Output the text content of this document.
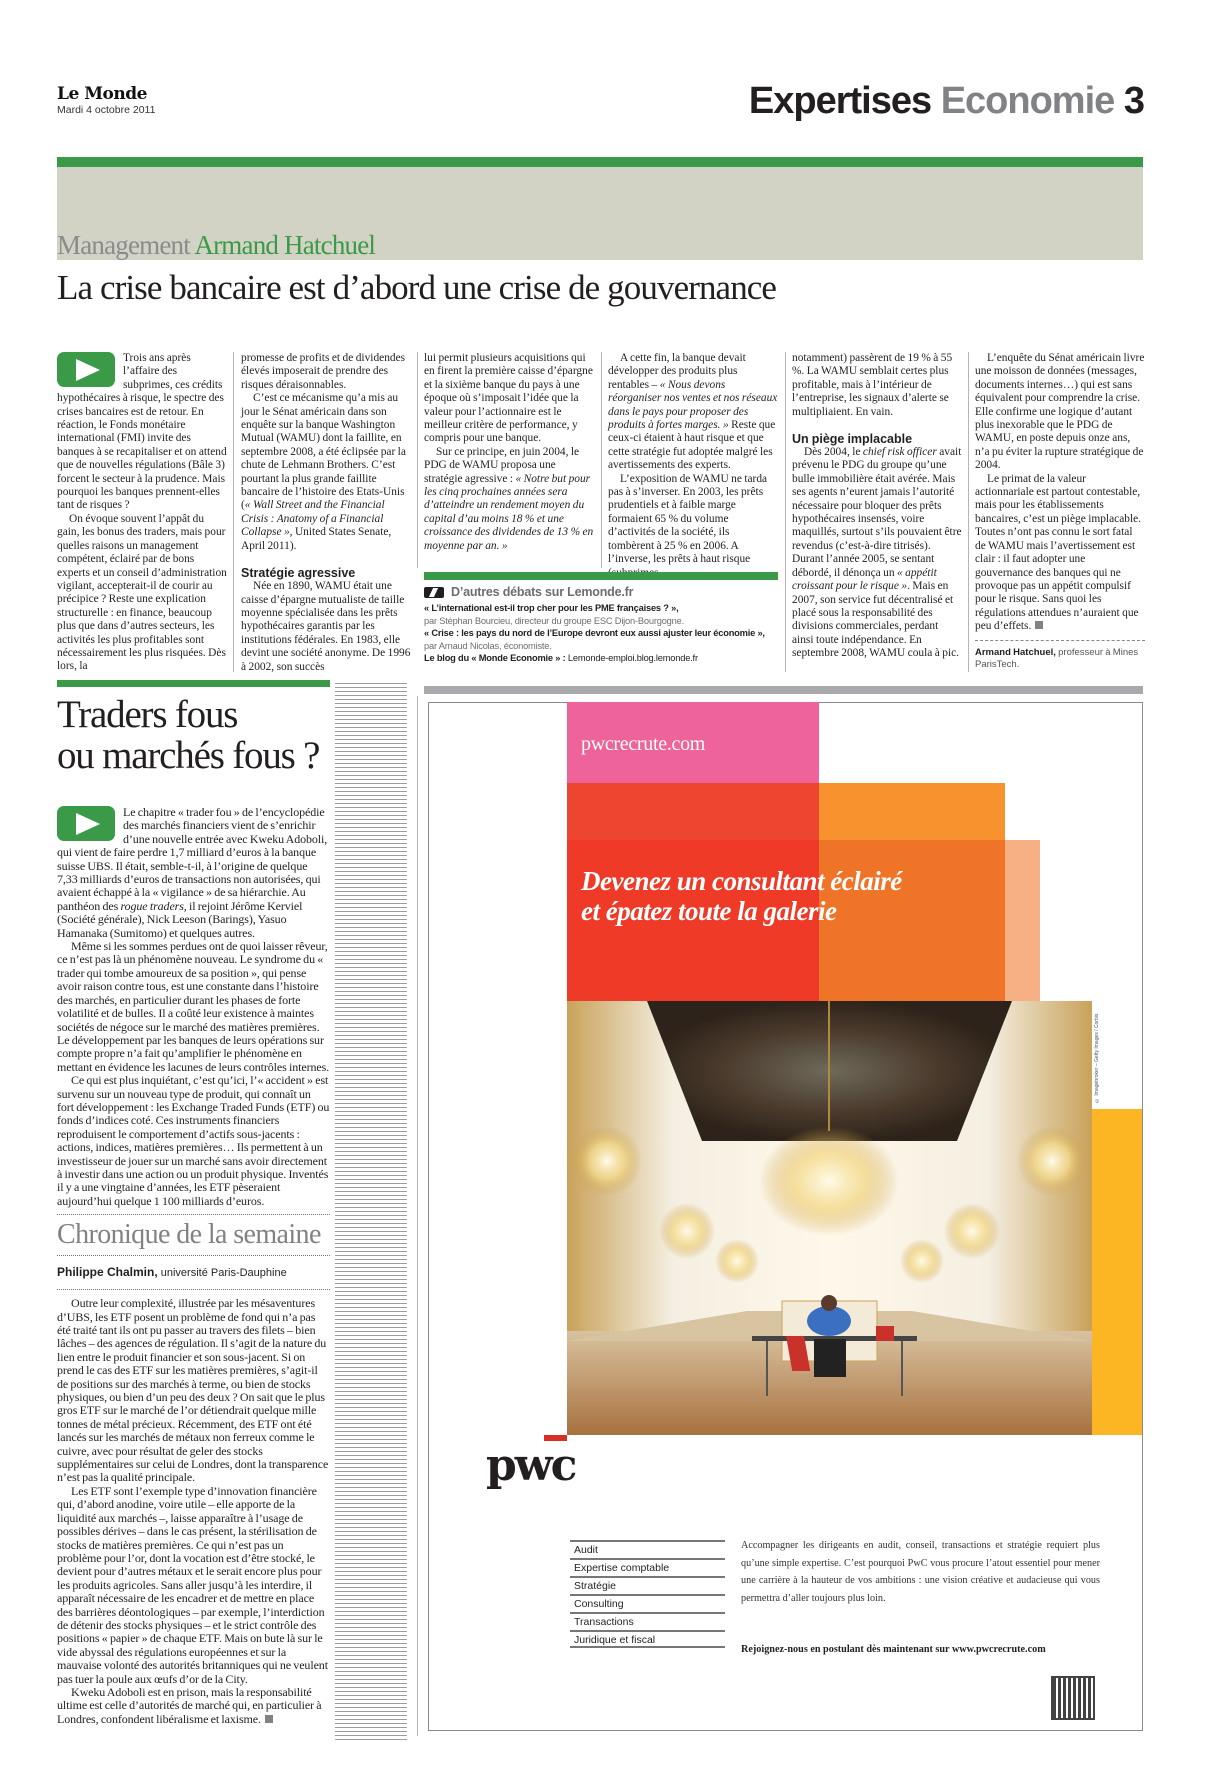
Le Monde
Mardi 4 octobre 2011	Expertises Economie 3
Management Armand Hatchuel
La crise bancaire est d’abord une crise de gouvernance

Trois ans après l’affaire des subprimes, ces crédits hypothécaires à risque, le spectre des crises bancaires est de retour. En réaction, le Fonds monétaire international (FMI) invite des banques à se recapitaliser et on attend que de nouvelles régulations (Bâle 3) forcent le secteur à la prudence. Mais pourquoi les banques prennent-elles tant de risques ?

On évoque souvent l’appât du gain, les bonus des traders, mais pour quelles raisons un management compétent, éclairé par de bons experts et un conseil d’administration vigilant, accepterait-il de courir au précipice ? Reste une explication structurelle : en finance, beaucoup plus que dans d’autres secteurs, les activités les plus profitables sont nécessairement les plus risquées. Dès lors, la

promesse de profits et de dividendes élevés imposerait de prendre des risques déraisonnables.

C’est ce mécanisme qu’a mis au jour le Sénat américain dans son enquête sur la banque Washington Mutual (WAMU) dont la faillite, en septembre 2008, a été éclipsée par la chute de Lehmann Brothers. C’est pourtant la plus grande faillite bancaire de l’histoire des Etats-Unis (« Wall Street and the Financial Crisis : Anatomy of a Financial Collapse », United States Senate, April 2011).

Stratégie agressive

Née en 1890, WAMU était une caisse d’épargne mutualiste de taille moyenne spécialisée dans les prêts hypothécaires garantis par les institutions fédérales. En 1983, elle devint une société anonyme. De 1996 à 2002, son succès

lui permit plusieurs acquisitions qui en firent la première caisse d’épargne et la sixième banque du pays à une époque où s’imposait l’idée que la valeur pour l’actionnaire est le meilleur critère de performance, y compris pour une banque.

Sur ce principe, en juin 2004, le PDG de WAMU proposa une stratégie agressive : « Notre but pour les cinq prochaines années sera d’atteindre un rendement moyen du capital d’au moins 18 % et une croissance des dividendes de 13 % en moyenne par an. »

A cette fin, la banque devait développer des produits plus rentables – « Nous devons réorganiser nos ventes et nos réseaux dans le pays pour proposer des produits à fortes marges. » Reste que ceux-ci étaient à haut risque et que cette stratégie fut adoptée malgré les avertissements des experts.

L’exposition de WAMU ne tarda pas à s’inverser. En 2003, les prêts prudentiels et à faible marge formaient 65 % du volume d’activités de la société, ils tombèrent à 25 % en 2006. A l’inverse, les prêts à haut risque

notamment) passèrent de 19 % à 55 %. La WAMU semblait certes plus profitable, mais à l’intérieur de l’entreprise, les signaux d’alerte se multipliaient. En vain.

Un piège implacable

Dès 2004, le chief risk officer avait prévenu le PDG du groupe qu’une bulle immobilière était avérée. Mais ses agents n’eurent jamais l’autorité nécessaire pour bloquer des prêts hypothécaires insensés, voire maquillés, surtout s’ils pouvaient être revendus (c’est-à-dire titrisés). Durant l’année 2005, se sentant débordé, il dénonça un « appétit croissant pour le risque ». Mais en 2007, son service fut décentralisé et placé sous la responsabilité des divisions commerciales, perdant ainsi toute indépendance. En septembre 2008, WAMU coula à pic.

L’enquête du Sénat américain livre une moisson de données (messages, documents internes…) qui est sans équivalent pour comprendre la crise. Elle confirme une logique d’autant plus inexorable que le PDG de WAMU, en poste depuis onze ans, n’a pu éviter la rupture stratégique de 2004.

Le primat de la valeur actionnariale est partout contestable, mais pour les établissements bancaires, c’est un piège implacable. Toutes n’ont pas connu le sort fatal de WAMU mais l’avertissement est clair : il faut adopter une gouvernance des banques qui ne provoque pas un appétit compulsif pour le risque. Sans quoi les régulations attendues n’auraient que peu d’effets.

Armand Hatchuel, professeur à Mines ParisTech.
D’autres débats sur Lemonde.fr
« L’international est-il trop cher pour les PME françaises ? »,
par Stéphan Bourcieu, directeur du groupe ESC Dijon-Bourgogne.
« Crise : les pays du nord de l’Europe devront eux aussi ajuster leur économie »,
par Arnaud Nicolas, économiste.
Le blog du « Monde Economie » : Lemonde-emploi.blog.lemonde.fr
Traders fous
ou marchés fous ?

Le chapitre « trader fou » de l’encyclopédie des marchés financiers vient de s’enrichir d’une nouvelle entrée avec Kweku Adoboli, qui vient de faire perdre 1,7 milliard d’euros à la banque suisse UBS. Il était, semble-t-il, à l’origine de quelque 7,33 milliards d’euros de transactions non autorisées, qui avaient échappé à la « vigilance » de sa hiérarchie. Au panthéon des rogue traders, il rejoint Jérôme Kerviel (Société générale), Nick Leeson (Barings), Yasuo Hamanaka (Sumitomo) et quelques autres.

Même si les sommes perdues ont de quoi laisser rêveur, ce n’est pas là un phénomène nouveau. Le syndrome du « trader qui tombe amoureux de sa position », qui pense avoir raison contre tous, est une constante dans l’histoire des marchés, en particulier durant les phases de forte volatilité et de bulles. Il a coûté leur existence à maintes sociétés de négoce sur le marché des matières premières. Le développement par les banques de leurs opérations sur compte propre n’a fait qu’amplifier le phénomène en mettant en évidence les lacunes de leurs contrôles internes.

Ce qui est plus inquiétant, c’est qu’ici, l’« accident » est survenu sur un nouveau type de produit, qui connaît un fort développement : les Exchange Traded Funds (ETF) ou fonds d’indices coté. Ces instruments financiers reproduisent le comportement d’actifs sous-jacents : actions, indices, matières premières… Ils permettent à un investisseur de jouer sur un marché sans avoir directement à investir dans une action ou un produit physique. Inventés il y a une vingtaine d’années, les ETF pèseraient aujourd’hui quelque 1 100 milliards d’euros.

Chronique de la semaine
Philippe Chalmin, université Paris-Dauphine

Outre leur complexité, illustrée par les mésaventures d’UBS, les ETF posent un problème de fond qui n’a pas été traité tant ils ont pu passer au travers des filets – bien lâches – des agences de régulation. Il s’agit de la nature du lien entre le produit financier et son sous-jacent. Si on prend le cas des ETF sur les matières premières, s’agit-il de positions sur des marchés à terme, ou bien de stocks physiques, ou bien d’un peu des deux ? On sait que le plus gros ETF sur le marché de l’or détiendrait quelque mille tonnes de métal précieux. Récemment, des ETF ont été lancés sur les marchés de métaux non ferreux comme le cuivre, avec pour résultat de geler des stocks supplémentaires sur celui de Londres, dont la transparence n’est pas la qualité principale.

Les ETF sont l’exemple type d’innovation financière qui, d’abord anodine, voire utile – elle apporte de la liquidité aux marchés –, laisse apparaître à l’usage de possibles dérives – dans le cas présent, la stérilisation de stocks de matières premières. Ce qui n’est pas un problème pour l’or, dont la vocation est d’être stocké, le devient pour d’autres métaux et le serait encore plus pour les produits agricoles. Sans aller jusqu’à les interdire, il apparaît nécessaire de les encadrer et de mettre en place des barrières déontologiques – par exemple, l’interdiction de détenir des stocks physiques – et le strict contrôle des positions « papier » de chaque ETF. Mais on bute là sur le vide abyssal des régulations européennes et sur la mauvaise volonté des autorités britanniques qui ne veulent pas tuer la poule aux œufs d’or de la City.

Kweku Adoboli est en prison, mais la responsabilité ultime est celle d’autorités de marché qui, en particulier à Londres, confondent libéralisme et laxisme.

pwcrecrute.com
Devenez un consultant éclairé
et épatez toute la galerie
© Imagebroker – Getty Images / Corbis
pwc
Audit
Expertise comptable
Stratégie
Consulting
Transactions
Juridique et fiscal
Accompagner les dirigeants en audit, conseil, transactions et stratégie requiert plus qu’une simple expertise. C’est pourquoi PwC vous procure l’atout essentiel pour mener une carrière à la hauteur de vos ambitions : une vision créative et audacieuse qui vous permettra d’aller toujours plus loin.
Rejoignez-nous en postulant dès maintenant sur www.pwcrecrute.com
